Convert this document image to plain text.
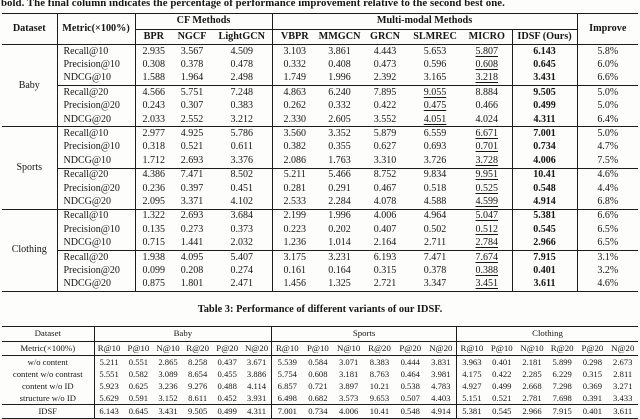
bold. The final column indicates the percentage of performance improvement relative to the second best one.
Dataset	Metric(×100%)	CF Methods			Multi-modal Methods						Improve
		BPR	NGCF	LightGCN	VBPR	MMGCN	GRCN	SLMREC	MICRO	IDSF (Ours)	
Baby	Recall@10	2.935	3.567	4.509	3.103	3.861	4.443	5.653	5.807	6.143	5.8%
	Precision@10	0.308	0.378	0.478	0.332	0.408	0.473	0.596	0.608	0.645	6.0%
	NDCG@10	1.588	1.964	2.498	1.749	1.996	2.392	3.165	3.218	3.431	6.6%
	Recall@20	4.566	5.751	7.248	4.863	6.240	7.895	9.055	8.884	9.505	5.0%
	Precision@20	0.243	0.307	0.383	0.262	0.332	0.422	0.475	0.466	0.499	5.0%
	NDCG@20	2.033	2.552	3.212	2.330	2.605	3.552	4.051	4.024	4.311	6.4%
Sports	Recall@10	2.977	4.925	5.786	3.560	3.352	5.879	6.559	6.671	7.001	5.0%
	Precision@10	0.318	0.521	0.611	0.382	0.355	0.627	0.693	0.701	0.734	4.7%
	NDCG@10	1.712	2.693	3.376	2.086	1.763	3.310	3.726	3.728	4.006	7.5%
	Recall@20	4.386	7.471	8.502	5.211	5.466	8.752	9.834	9.951	10.41	4.6%
	Precision@20	0.236	0.397	0.451	0.281	0.291	0.467	0.518	0.525	0.548	4.4%
	NDCG@20	2.095	3.371	4.102	2.533	2.284	4.078	4.588	4.599	4.914	6.8%
Clothing	Recall@10	1.322	2.693	3.684	2.199	1.996	4.006	4.964	5.047	5.381	6.6%
	Precision@10	0.135	0.273	0.373	0.223	0.202	0.407	0.502	0.512	0.545	6.5%
	NDCG@10	0.715	1.441	2.032	1.236	1.014	2.164	2.711	2.784	2.966	6.5%
	Recall@20	1.938	4.095	5.407	3.175	3.231	6.193	7.471	7.674	7.915	3.1%
	Precision@20	0.099	0.208	0.274	0.161	0.164	0.315	0.378	0.388	0.401	3.2%
	NDCG@20	0.875	1.801	2.471	1.456	1.325	2.721	3.347	3.451	3.611	4.6%
Table 3: Performance of different variants of our IDSF.
Dataset	Baby						Sports						Clothing					
Metric(×100%)	R@10	P@10	N@10	R@20	P@20	N@20	R@10	P@10	N@10	R@20	P@20	N@20	R@10	P@10	N@10	R@20	P@20	N@20
w/o content	5.211	0.551	2.865	8.258	0.437	3.671	5.539	0.584	3.071	8.383	0.444	3.831	3.963	0.401	2.181	5.899	0.298	2.673
content w/o contrast	5.551	0.582	3.089	8.654	0.455	3.886	5.754	0.608	3.181	8.763	0.464	3.981	4.175	0.422	2.285	6.229	0.315	2.811
content w/o ID	5.923	0.625	3.236	9.276	0.488	4.114	6.857	0.721	3.897	10.21	0.538	4.783	4.927	0.499	2.668	7.298	0.369	3.271
structure w/o ID	5.629	0.591	3.152	8.611	0.452	3.931	6.498	0.682	3.573	9.653	0.507	4.403	5.151	0.521	2.781	7.698	0.391	3.433
IDSF	6.143	0.645	3.431	9.505	0.499	4.311	7.001	0.734	4.006	10.41	0.548	4.914	5.381	0.545	2.966	7.915	0.401	3.611
